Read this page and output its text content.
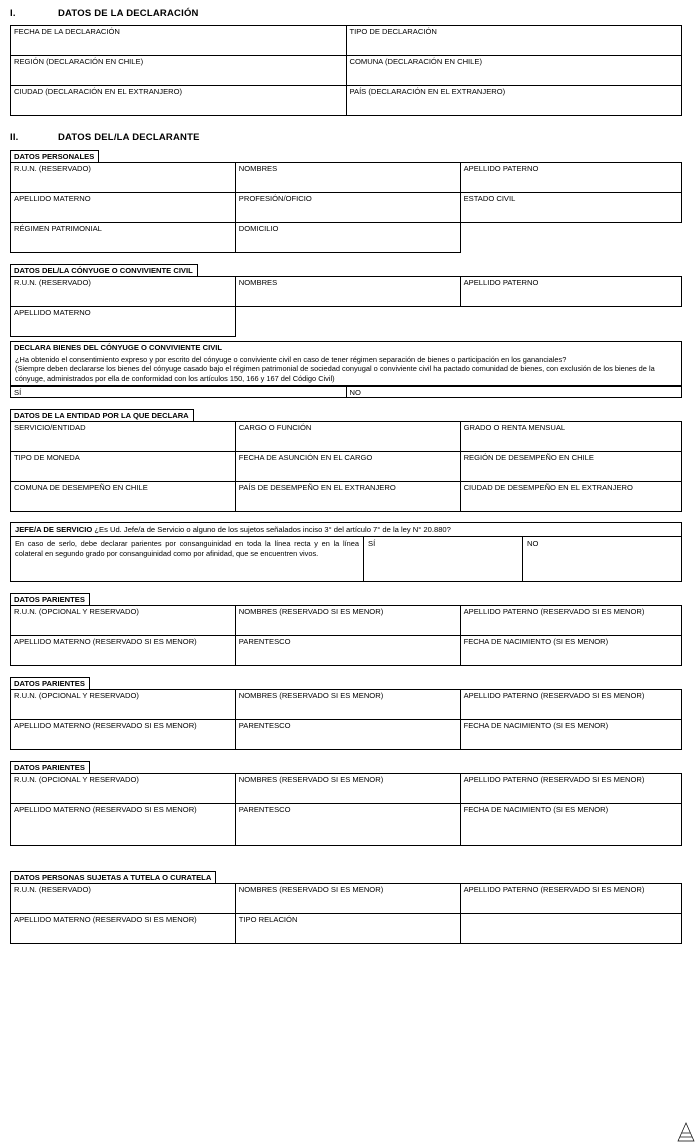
I.	DATOS DE LA DECLARACIÓN
FECHA DE LA DECLARACIÓN	TIPO DE DECLARACIÓN
REGIÓN (DECLARACIÓN EN CHILE)	COMUNA (DECLARACIÓN EN CHILE)
CIUDAD (DECLARACIÓN EN EL EXTRANJERO)	PAÍS (DECLARACIÓN EN EL EXTRANJERO)
II.	DATOS DEL/LA DECLARANTE
DATOS PERSONALES
R.U.N. (RESERVADO)	NOMBRES	APELLIDO PATERNO
APELLIDO MATERNO	PROFESIÓN/OFICIO	ESTADO CIVIL
RÉGIMEN PATRIMONIAL	DOMICILIO	
DATOS DEL/LA CÓNYUGE O CONVIVIENTE CIVIL
R.U.N. (RESERVADO)	NOMBRES	APELLIDO PATERNO
APELLIDO MATERNO		
DECLARA BIENES DEL CÓNYUGE O CONVIVIENTE CIVIL

¿Ha obtenido el consentimiento expreso y por escrito del cónyuge o conviviente civil en caso de tener régimen separación de bienes o participación en los gananciales?

(Siempre deben declararse los bienes del cónyuge casado bajo el régimen patrimonial de sociedad conyugal o conviviente civil ha pactado comunidad de bienes, con exclusión de los bienes de la cónyuge, administrados por ella de conformidad con los artículos 150, 166 y 167 del Código Civil)

SÍ	NO
DATOS DE LA ENTIDAD POR LA QUE DECLARA
SERVICIO/ENTIDAD	CARGO O FUNCIÓN	GRADO O RENTA MENSUAL
TIPO DE MONEDA	FECHA DE ASUNCIÓN EN EL CARGO	REGIÓN DE DESEMPEÑO EN CHILE
COMUNA DE DESEMPEÑO EN CHILE	PAÍS DE DESEMPEÑO EN EL EXTRANJERO	CIUDAD DE DESEMPEÑO EN EL EXTRANJERO
JEFE/A DE SERVICIO ¿Es Ud. Jefe/a de Servicio o alguno de los sujetos señalados inciso 3° del artículo 7° de la ley N° 20.880?
En caso de serlo, debe declarar parientes por consanguinidad en toda la línea recta y en la línea colateral en segundo grado por consanguinidad como por afinidad, que se encuentren vivos.
SÍ	NO
DATOS PARIENTES
R.U.N. (OPCIONAL Y RESERVADO)	NOMBRES (RESERVADO SI ES MENOR)	APELLIDO PATERNO (RESERVADO SI ES MENOR)
APELLIDO MATERNO (RESERVADO SI ES MENOR)	PARENTESCO	FECHA DE NACIMIENTO (SI ES MENOR)
DATOS PARIENTES
R.U.N. (OPCIONAL Y RESERVADO)	NOMBRES (RESERVADO SI ES MENOR)	APELLIDO PATERNO (RESERVADO SI ES MENOR)
APELLIDO MATERNO (RESERVADO SI ES MENOR)	PARENTESCO	FECHA DE NACIMIENTO (SI ES MENOR)
DATOS PARIENTES
R.U.N. (OPCIONAL Y RESERVADO)	NOMBRES (RESERVADO SI ES MENOR)	APELLIDO PATERNO (RESERVADO SI ES MENOR)
APELLIDO MATERNO (RESERVADO SI ES MENOR)	PARENTESCO	FECHA DE NACIMIENTO (SI ES MENOR)
DATOS PERSONAS SUJETAS A TUTELA O CURATELA
R.U.N. (RESERVADO)	NOMBRES (RESERVADO SI ES MENOR)	APELLIDO PATERNO (RESERVADO SI ES MENOR)
APELLIDO MATERNO (RESERVADO SI ES MENOR)	TIPO RELACIÓN	
